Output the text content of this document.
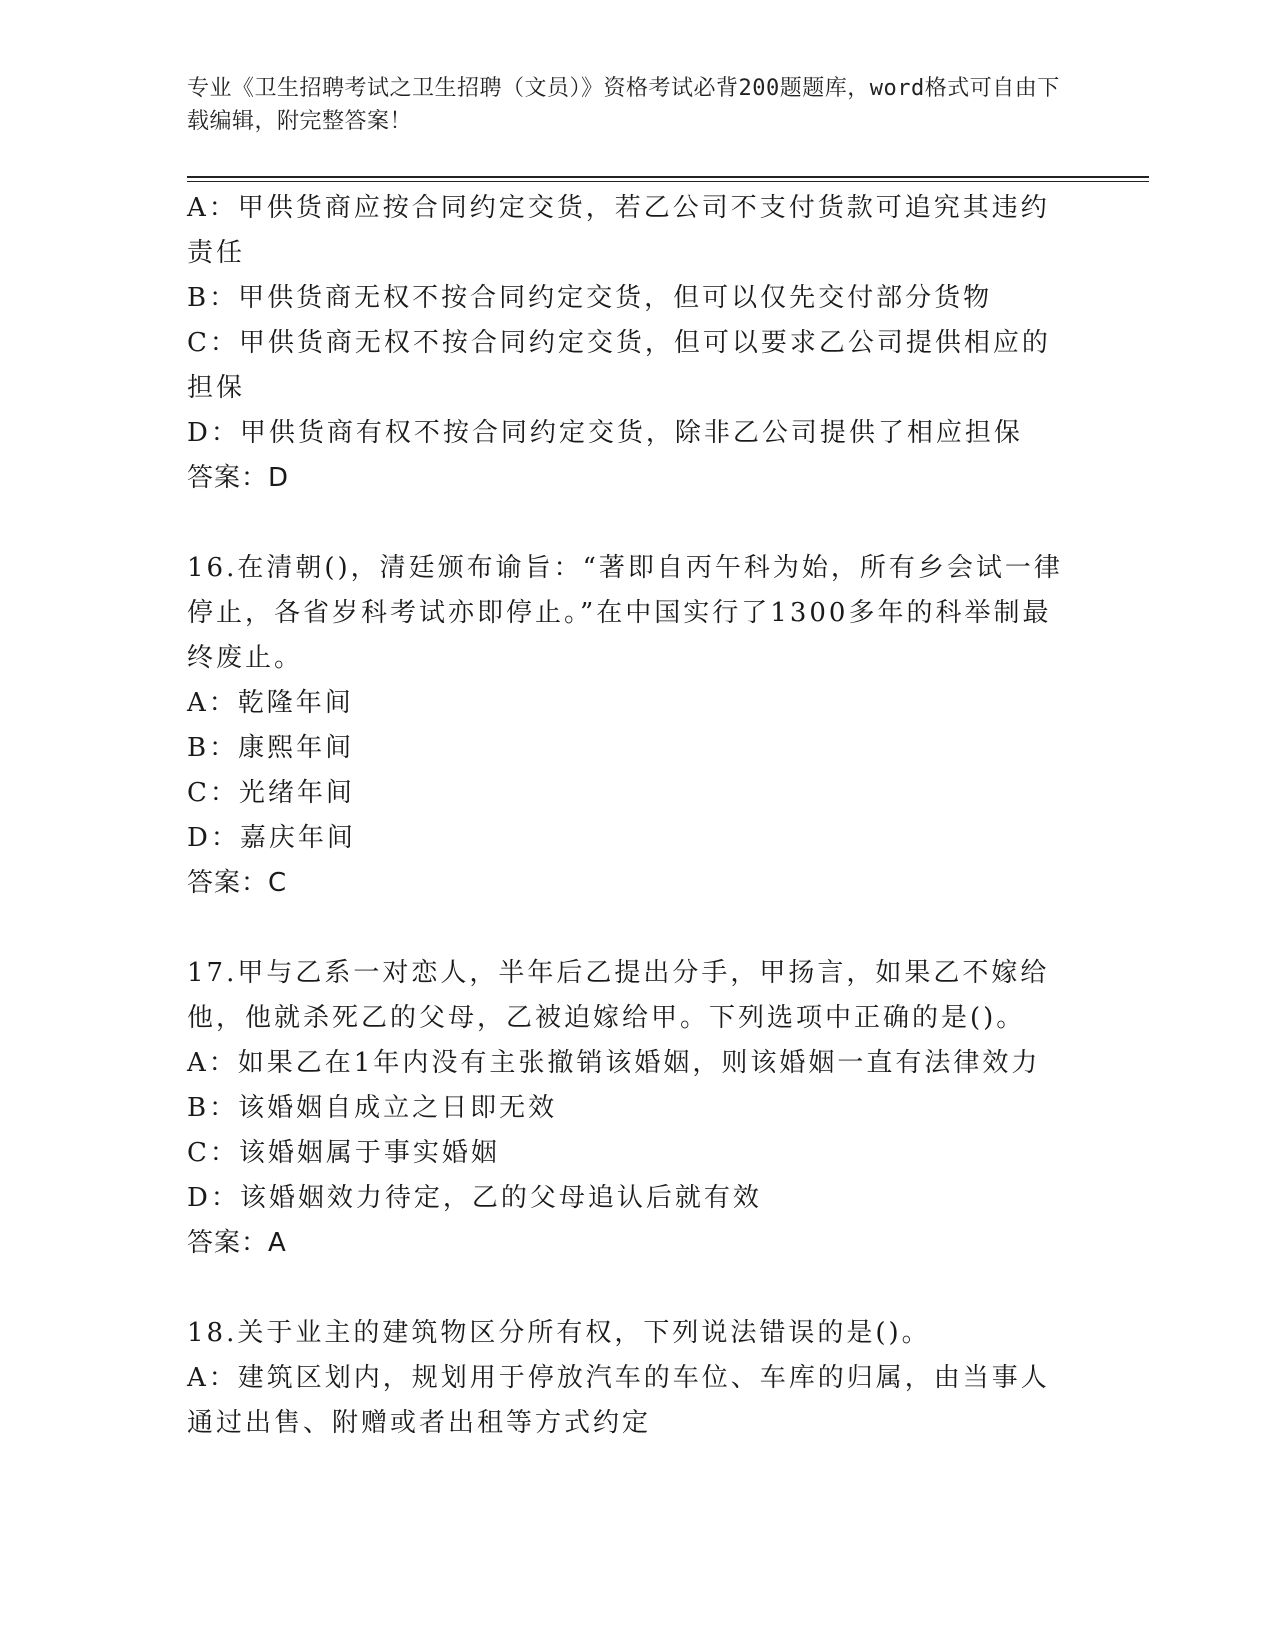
专业《卫生招聘考试之卫生招聘（文员）》资格考试必背200题题库，word格式可自由下载编辑，附完整答案！

A：甲供货商应按合同约定交货，若乙公司不支付货款可追究其违约责任

B：甲供货商无权不按合同约定交货，但可以仅先交付部分货物

C：甲供货商无权不按合同约定交货，但可以要求乙公司提供相应的担保

D：甲供货商有权不按合同约定交货，除非乙公司提供了相应担保

答案：D

16.在清朝()，清廷颁布谕旨：“著即自丙午科为始，所有乡会试一律停止，各省岁科考试亦即停止。”在中国实行了1300多年的科举制最终废止。

A：乾隆年间

B：康熙年间

C：光绪年间

D：嘉庆年间

答案：C

17.甲与乙系一对恋人，半年后乙提出分手，甲扬言，如果乙不嫁给他，他就杀死乙的父母，乙被迫嫁给甲。下列选项中正确的是()。

A：如果乙在1年内没有主张撤销该婚姻，则该婚姻一直有法律效力

B：该婚姻自成立之日即无效

C：该婚姻属于事实婚姻

D：该婚姻效力待定，乙的父母追认后就有效

答案：A

18.关于业主的建筑物区分所有权，下列说法错误的是()。

A：建筑区划内，规划用于停放汽车的车位、车库的归属，由当事人通过出售、附赠或者出租等方式约定
